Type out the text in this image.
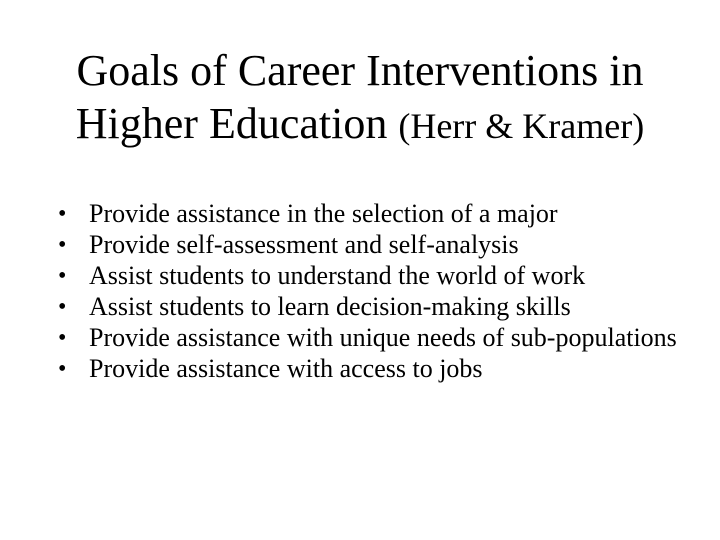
Goals of Career Interventions in
Higher Education (Herr & Kramer)
• Provide assistance in the selection of a major
• Provide self-assessment and self-analysis
• Assist students to understand the world of work
• Assist students to learn decision-making skills
• Provide assistance with unique needs of sub-populations
• Provide assistance with access to jobs
